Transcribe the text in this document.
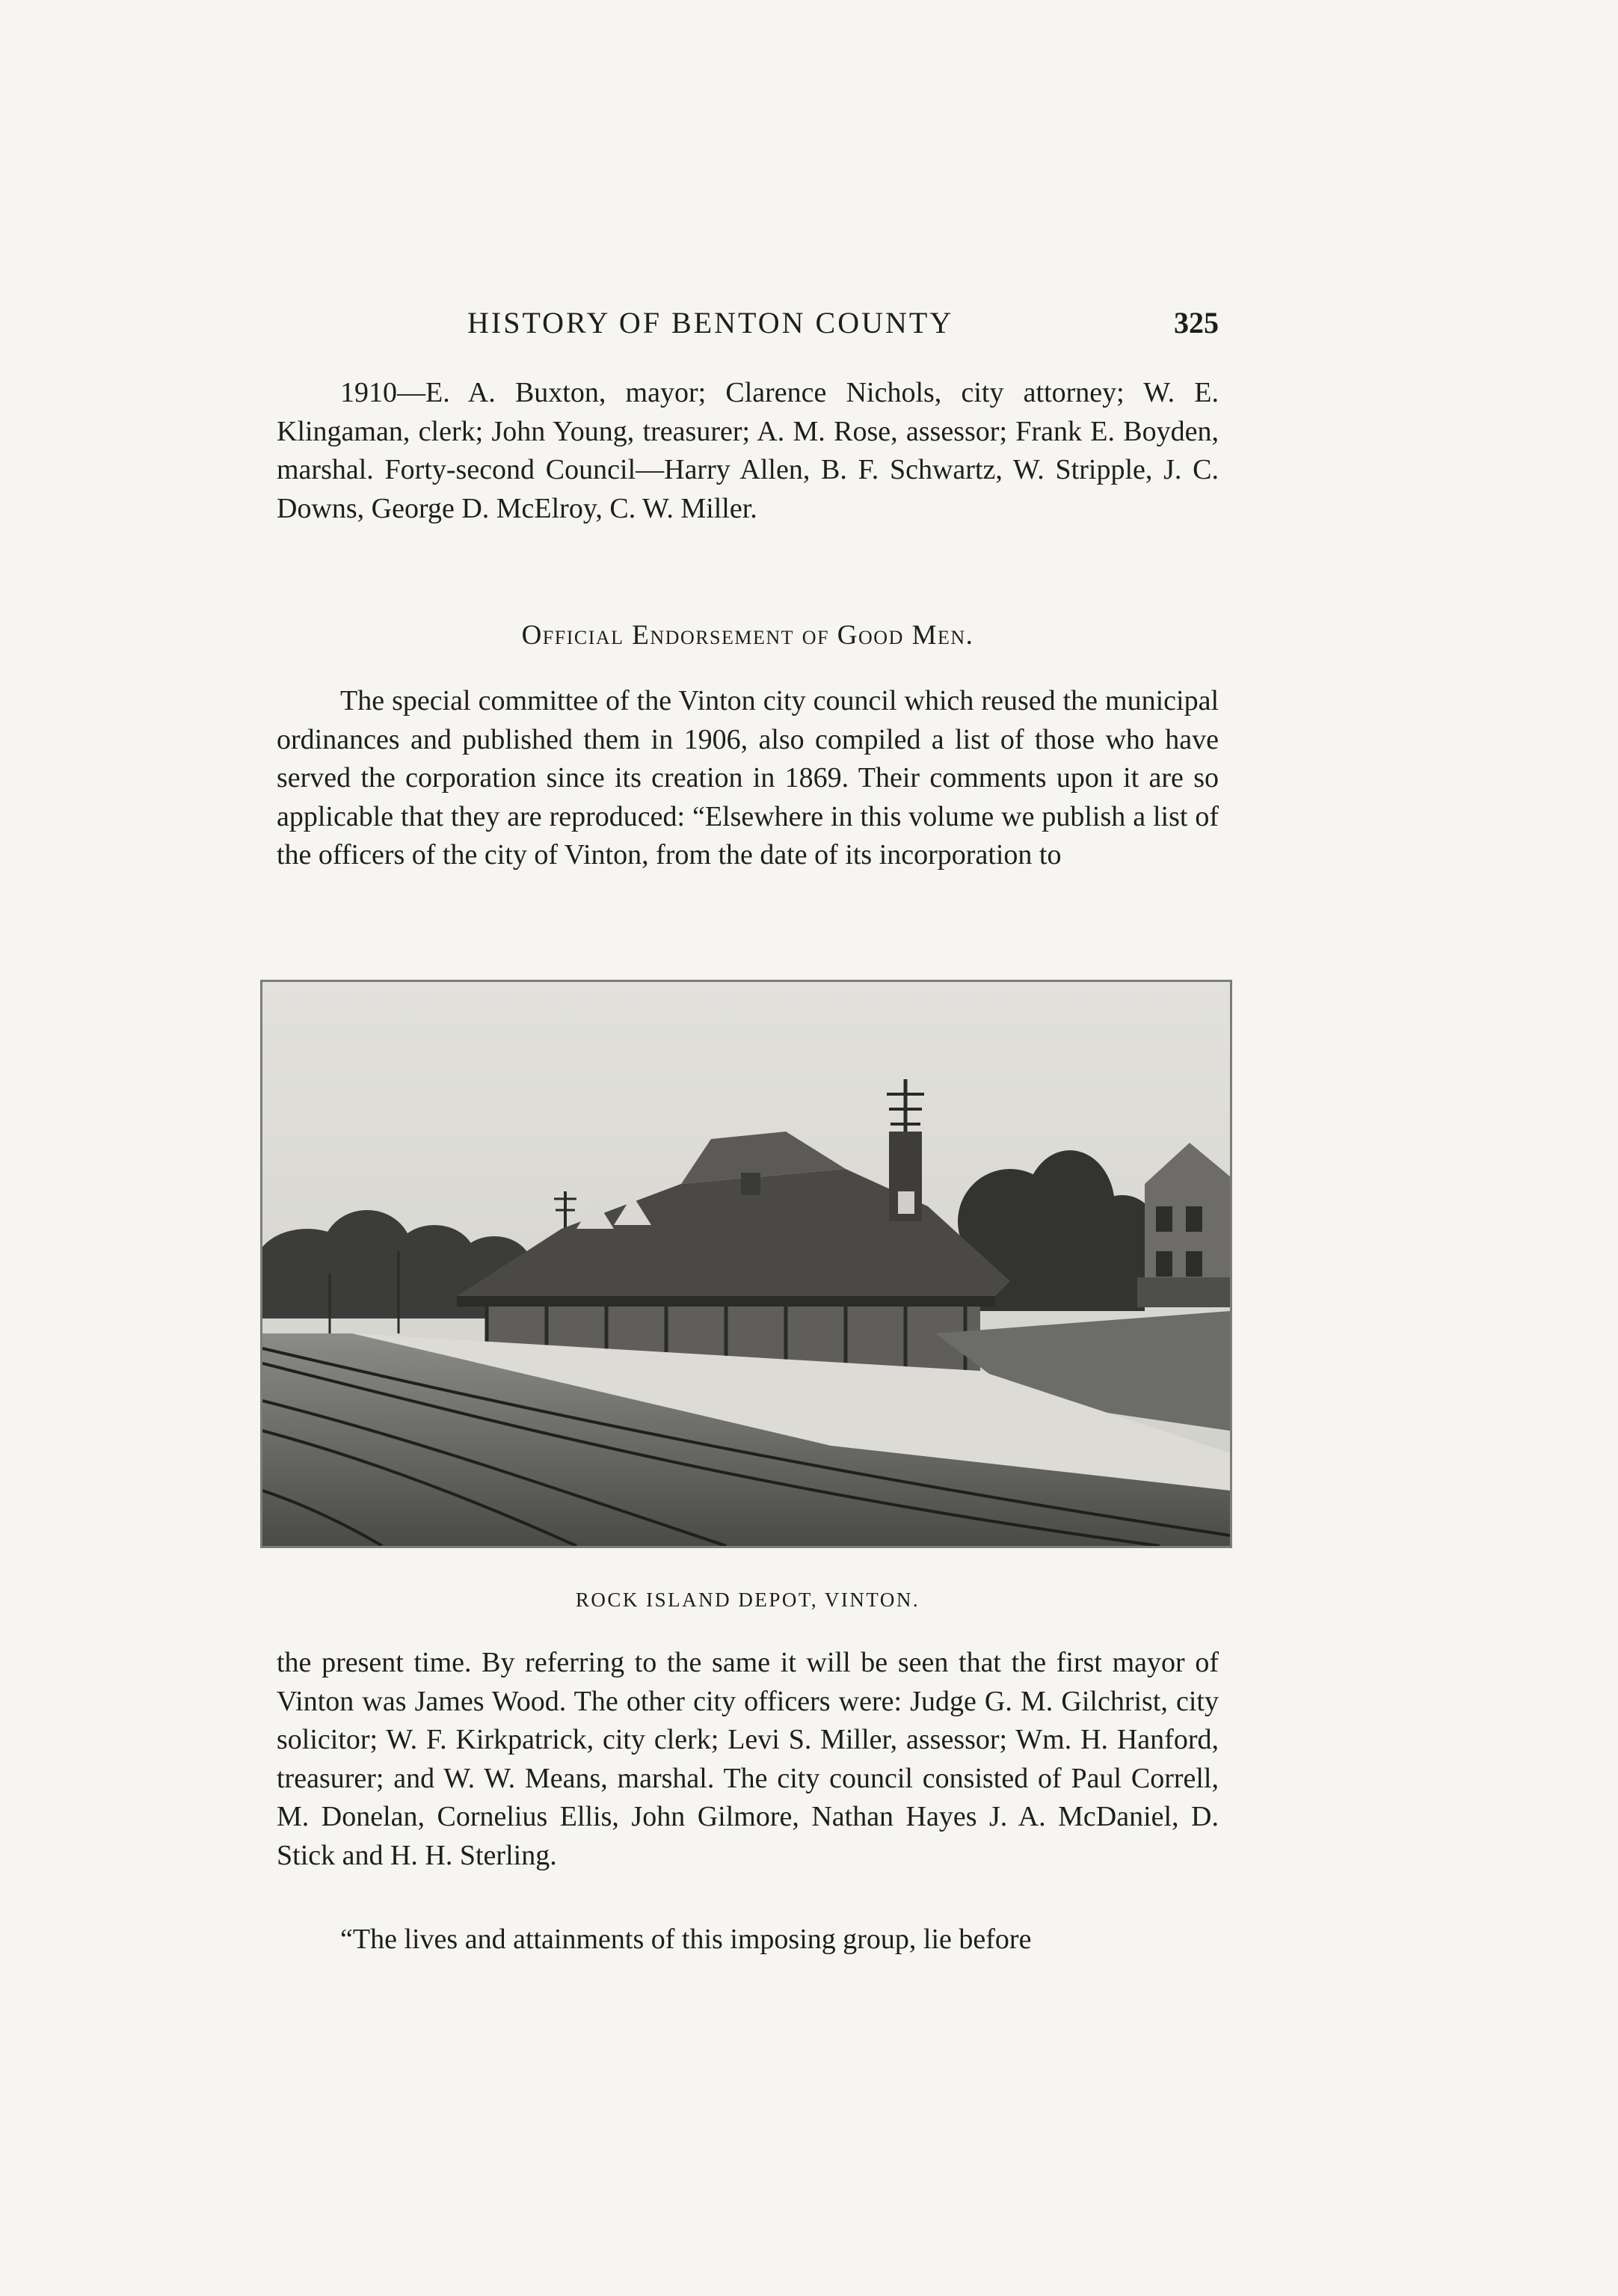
HISTORY OF BENTON COUNTY	325

1910—E. A. Buxton, mayor; Clarence Nichols, city attorney; W. E. Klingaman, clerk; John Young, treasurer; A. M. Rose, assessor; Frank E. Boyden, marshal. Forty-second Council—Harry Allen, B. F. Schwartz, W. Stripple, J. C. Downs, George D. McElroy, C. W. Miller.

Official Endorsement of Good Men.

The special committee of the Vinton city council which reused the municipal ordinances and published them in 1906, also compiled a list of those who have served the corporation since its creation in 1869. Their comments upon it are so applicable that they are reproduced: “Elsewhere in this volume we publish a list of the officers of the city of Vinton, from the date of its incorporation to

ROCK ISLAND DEPOT, VINTON.

the present time. By referring to the same it will be seen that the first mayor of Vinton was James Wood. The other city officers were: Judge G. M. Gilchrist, city solicitor; W. F. Kirkpatrick, city clerk; Levi S. Miller, assessor; Wm. H. Hanford, treasurer; and W. W. Means, marshal. The city council consisted of Paul Correll, M. Donelan, Cornelius Ellis, John Gilmore, Nathan Hayes J. A. McDaniel, D. Stick and H. H. Sterling.

“The lives and attainments of this imposing group, lie before
